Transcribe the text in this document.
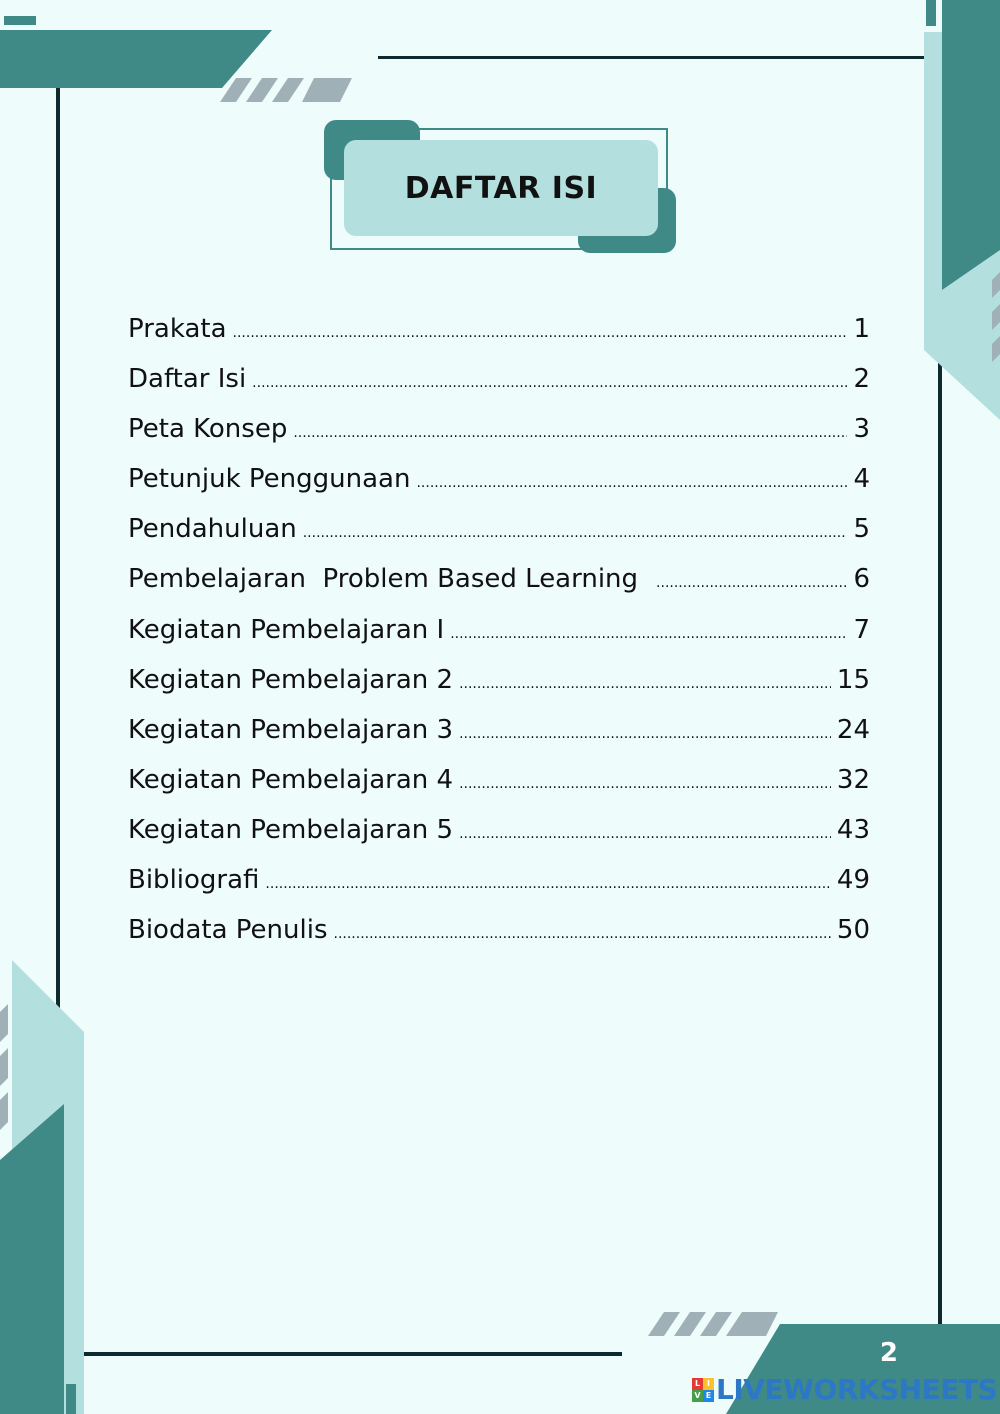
DAFTAR ISI
Prakata .....	1
Daftar Isi .....	2
Peta Konsep .....	3
Petunjuk Penggunaan .....	4
Pendahuluan .....	5
Pembelajaran  Problem Based Learning .....	6
Kegiatan Pembelajaran I .....	7
Kegiatan Pembelajaran 2 .....	15
Kegiatan Pembelajaran 3 .....	24
Kegiatan Pembelajaran 4 .....	32
Kegiatan Pembelajaran 5 .....	43
Bibliografi .....	49
Biodata Penulis .....	50
2
L I
V E LIVEWORKSHEETS
